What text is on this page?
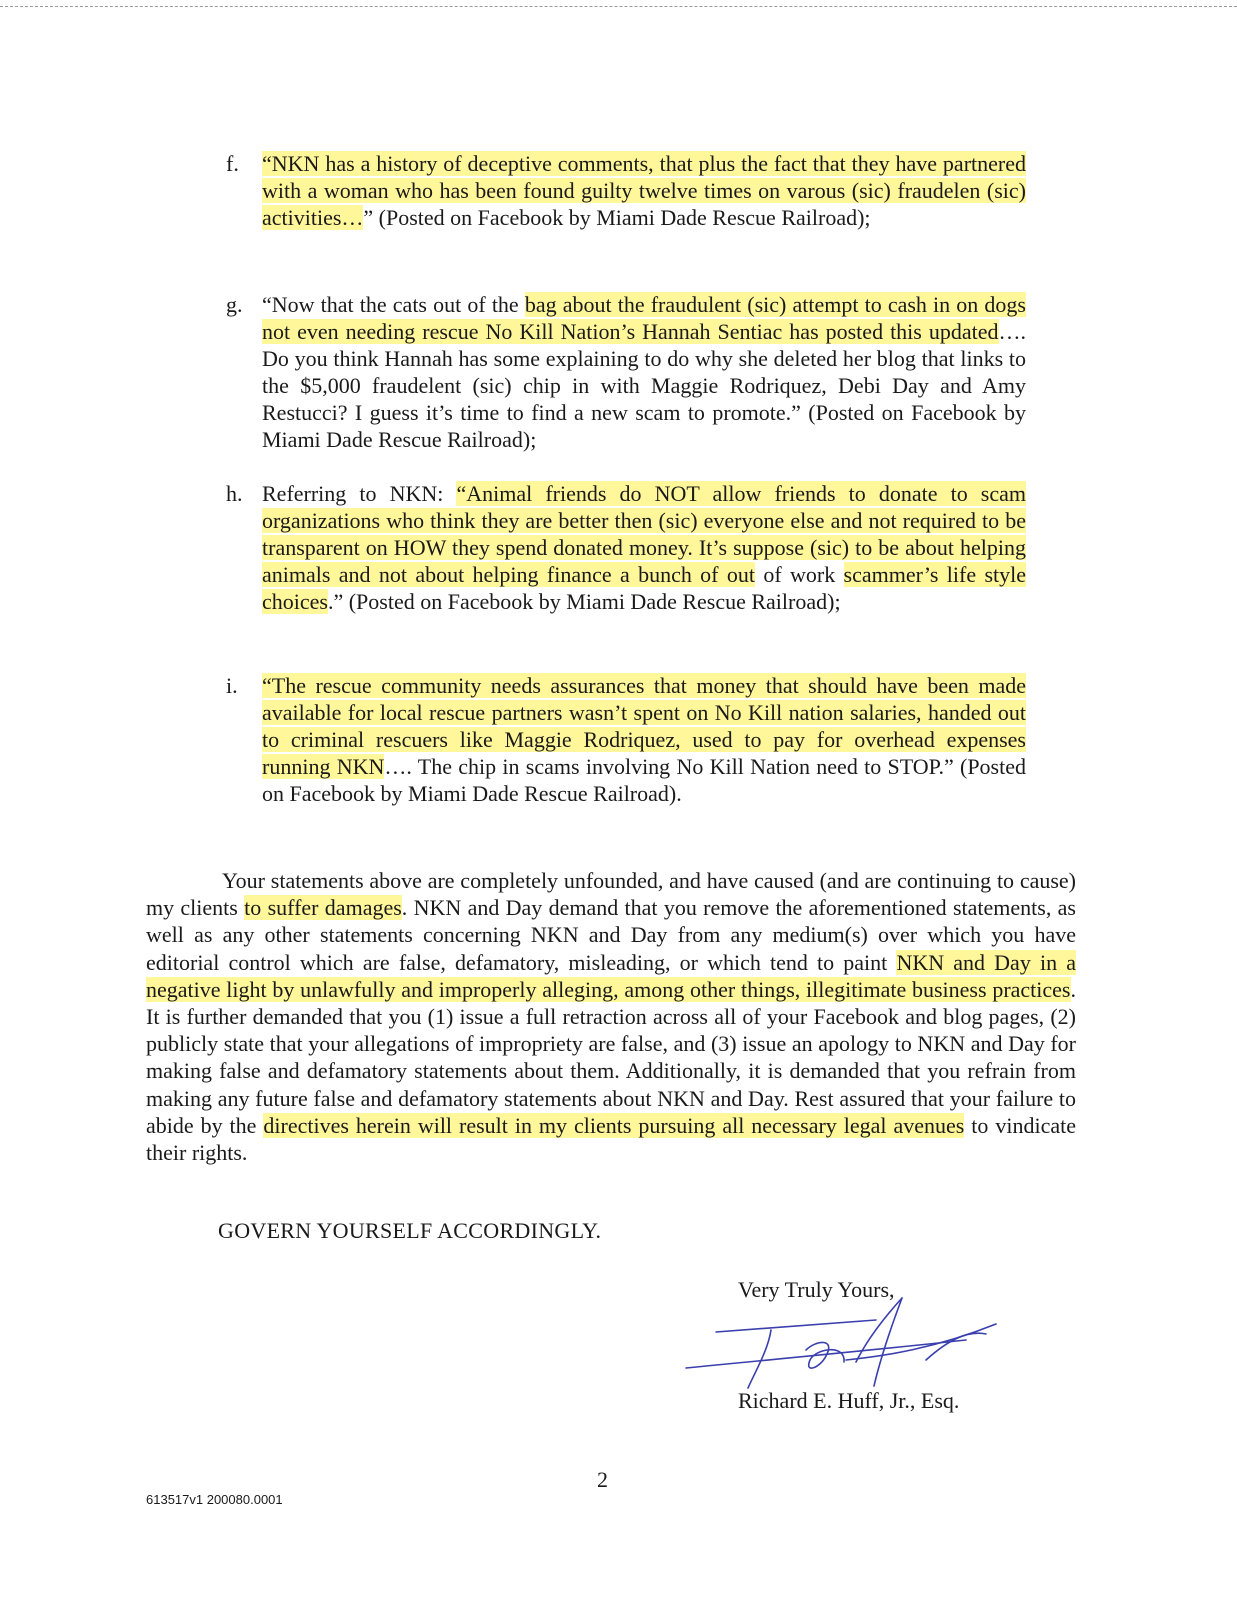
f. “NKN has a history of deceptive comments, that plus the fact that they have partnered with a woman who has been found guilty twelve times on varous (sic) fraudelen (sic) activities…” (Posted on Facebook by Miami Dade Rescue Railroad);
g. “Now that the cats out of the bag about the fraudulent (sic) attempt to cash in on dogs not even needing rescue No Kill Nation’s Hannah Sentiac has posted this updated…. Do you think Hannah has some explaining to do why she deleted her blog that links to the $5,000 fraudelent (sic) chip in with Maggie Rodriquez, Debi Day and Amy Restucci? I guess it’s time to find a new scam to promote.” (Posted on Facebook by Miami Dade Rescue Railroad);
h. Referring to NKN: “Animal friends do NOT allow friends to donate to scam organizations who think they are better then (sic) everyone else and not required to be transparent on HOW they spend donated money. It’s suppose (sic) to be about helping animals and not about helping finance a bunch of out of work scammer’s life style choices.” (Posted on Facebook by Miami Dade Rescue Railroad);
i. “The rescue community needs assurances that money that should have been made available for local rescue partners wasn’t spent on No Kill nation salaries, handed out to criminal rescuers like Maggie Rodriquez, used to pay for overhead expenses running NKN…. The chip in scams involving No Kill Nation need to STOP.” (Posted on Facebook by Miami Dade Rescue Railroad).
Your statements above are completely unfounded, and have caused (and are continuing to cause) my clients to suffer damages. NKN and Day demand that you remove the aforementioned statements, as well as any other statements concerning NKN and Day from any medium(s) over which you have editorial control which are false, defamatory, misleading, or which tend to paint NKN and Day in a negative light by unlawfully and improperly alleging, among other things, illegitimate business practices. It is further demanded that you (1) issue a full retraction across all of your Facebook and blog pages, (2) publicly state that your allegations of impropriety are false, and (3) issue an apology to NKN and Day for making false and defamatory statements about them. Additionally, it is demanded that you refrain from making any future false and defamatory statements about NKN and Day. Rest assured that your failure to abide by the directives herein will result in my clients pursuing all necessary legal avenues to vindicate their rights.
GOVERN YOURSELF ACCORDINGLY.
Very Truly Yours,
Richard E. Huff, Jr., Esq.
2
613517v1 200080.0001
